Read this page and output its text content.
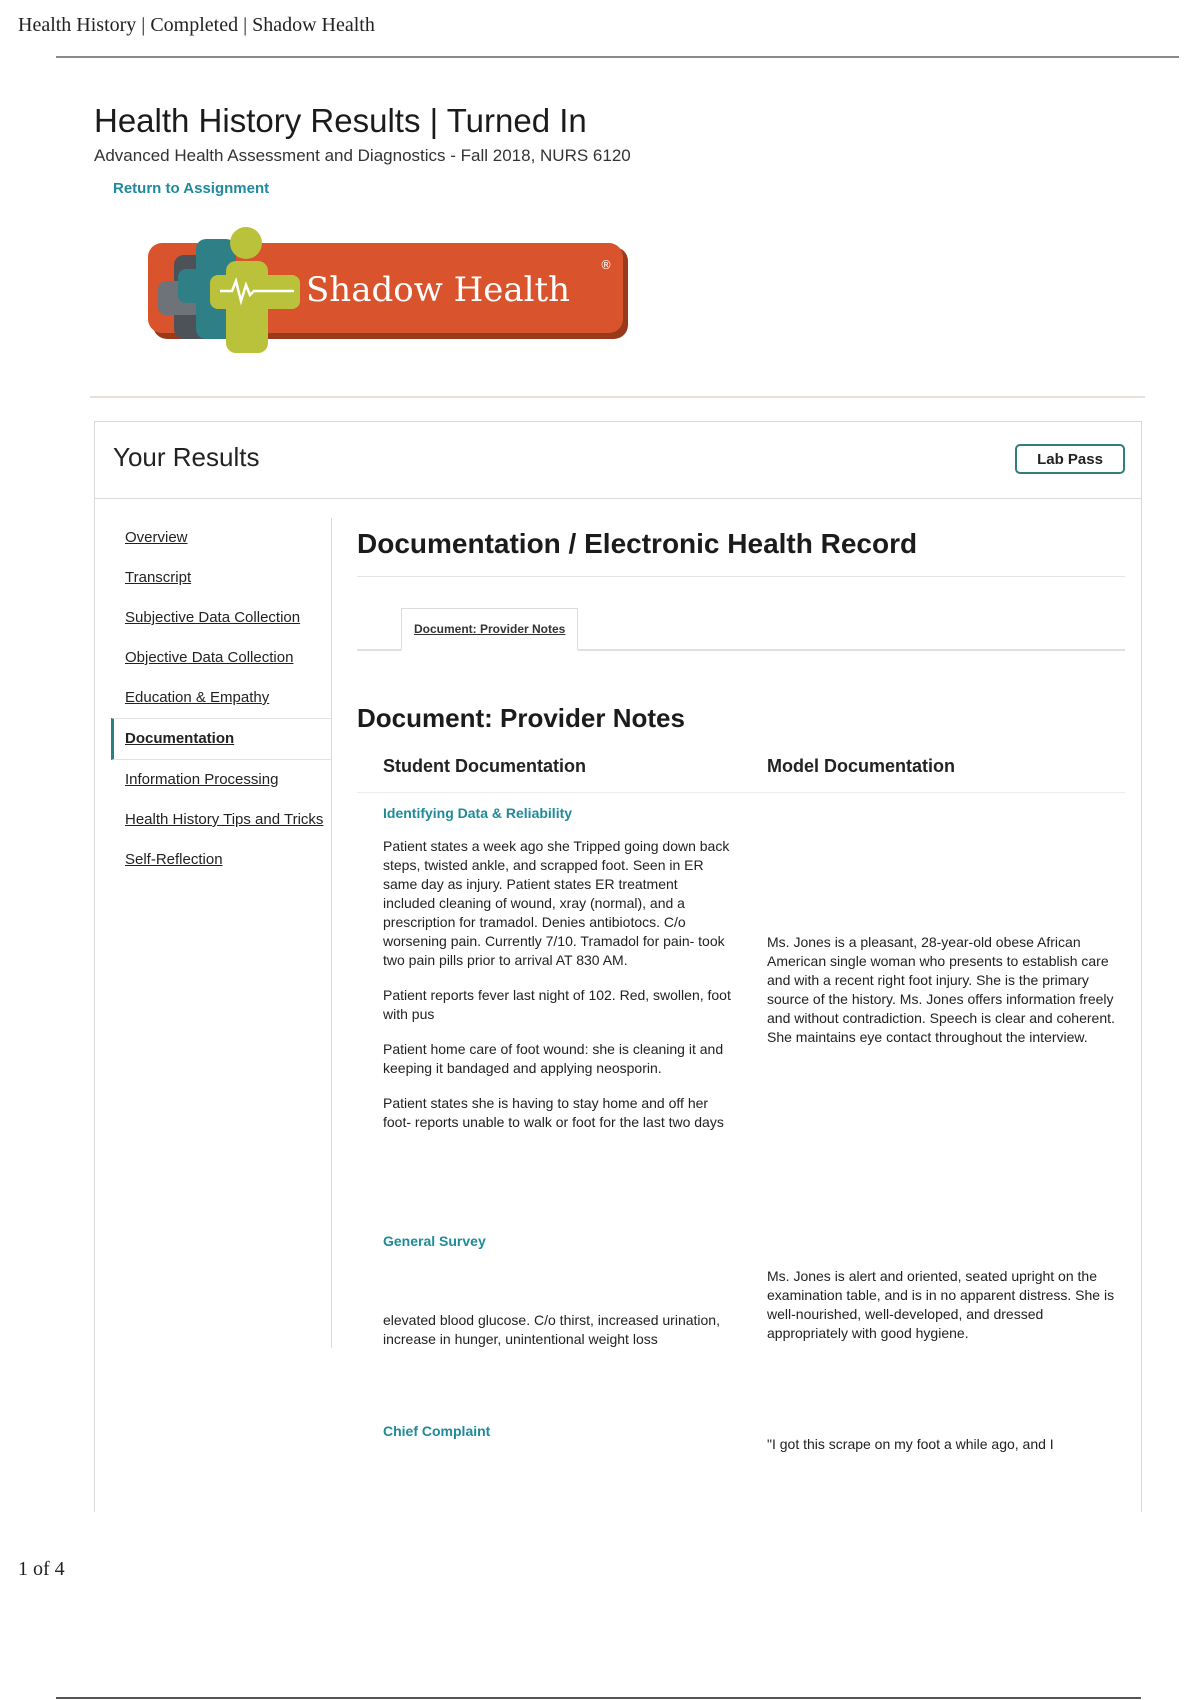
Health History | Completed | Shadow Health
Health History Results | Turned In
Advanced Health Assessment and Diagnostics - Fall 2018, NURS 6120
Return to Assignment
Shadow Health
®
Your Results	Lab Pass
Overview
Transcript
Subjective Data Collection
Objective Data Collection
Education & Empathy
Documentation
Information Processing
Health History Tips and Tricks
Self-Reflection
Documentation / Electronic Health Record
Document: Provider Notes
Document: Provider Notes
Student Documentation	Model Documentation
Identifying Data & Reliability

Patient states a week ago she Tripped going down back steps, twisted ankle, and scrapped foot. Seen in ER same day as injury. Patient states ER treatment included cleaning of wound, xray (normal), and a prescription for tramadol. Denies antibiotocs. C/o worsening pain. Currently 7/10. Tramadol for pain- took two pain pills prior to arrival AT 830 AM.

Patient reports fever last night of 102. Red, swollen, foot with pus

Patient home care of foot wound: she is cleaning it and keeping it bandaged and applying neosporin.

Patient states she is having to stay home and off her foot- reports unable to walk or foot for the last two days

Ms. Jones is a pleasant, 28-year-old obese African American single woman who presents to establish care and with a recent right foot injury. She is the primary source of the history. Ms. Jones offers information freely and without contradiction. Speech is clear and coherent. She maintains eye contact throughout the interview.
General Survey

elevated blood glucose. C/o thirst, increased urination, increase in hunger, unintentional weight loss

Ms. Jones is alert and oriented, seated upright on the examination table, and is in no apparent distress. She is well-nourished, well-developed, and dressed appropriately with good hygiene.
Chief Complaint
"I got this scrape on my foot a while ago, and I
1 of 4
